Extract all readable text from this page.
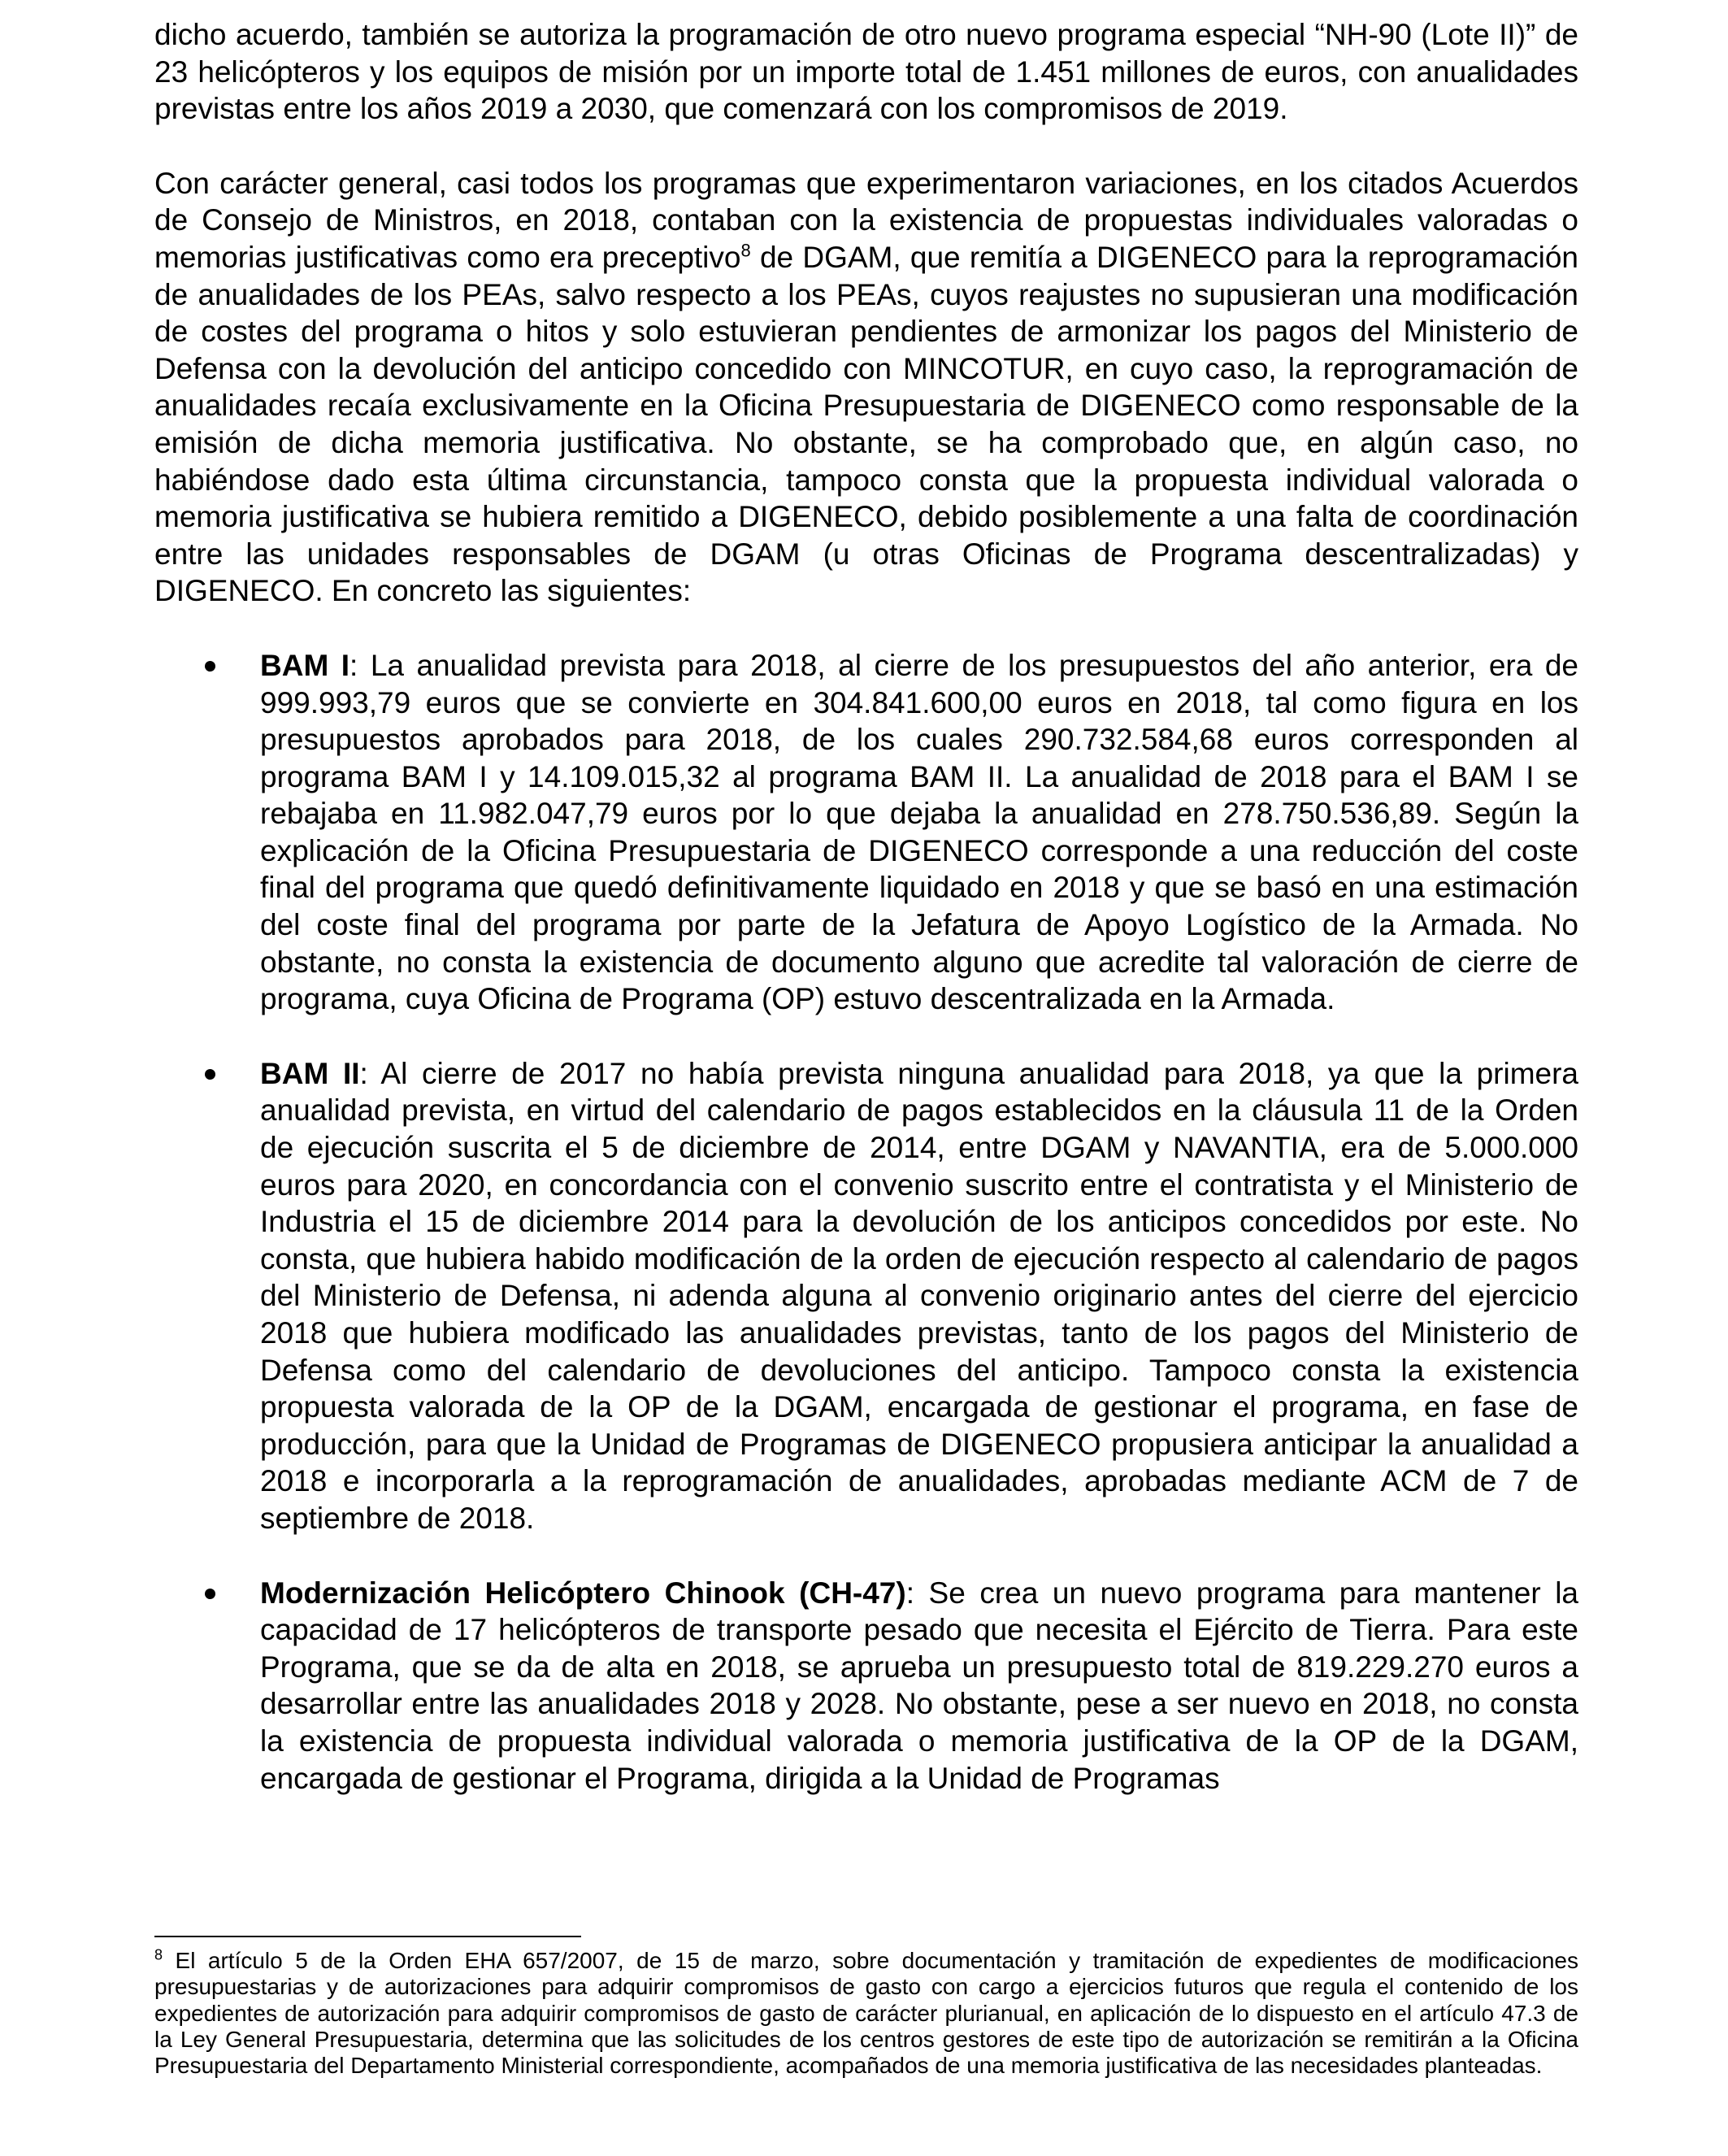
dicho acuerdo, también se autoriza la programación de otro nuevo programa especial “NH-90 (Lote II)” de 23 helicópteros y los equipos de misión por un importe total de 1.451 millones de euros, con anualidades previstas entre los años 2019 a 2030, que comenzará con los compromisos de 2019.

Con carácter general, casi todos los programas que experimentaron variaciones, en los citados Acuerdos de Consejo de Ministros, en 2018, contaban con la existencia de propuestas individuales valoradas o memorias justificativas como era preceptivo$^8$ de DGAM, que remitía a DIGENECO para la reprogramación de anualidades de los PEAs, salvo respecto a los PEAs, cuyos reajustes no supusieran una modificación de costes del programa o hitos y solo estuvieran pendientes de armonizar los pagos del Ministerio de Defensa con la devolución del anticipo concedido con MINCOTUR, en cuyo caso, la reprogramación de anualidades recaía exclusivamente en la Oficina Presupuestaria de DIGENECO como responsable de la emisión de dicha memoria justificativa. No obstante, se ha comprobado que, en algún caso, no habiéndose dado esta última circunstancia, tampoco consta que la propuesta individual valorada o memoria justificativa se hubiera remitido a DIGENECO, debido posiblemente a una falta de coordinación entre las unidades responsables de DGAM (u otras Oficinas de Programa descentralizadas) y DIGENECO. En concreto las siguientes:

BAM I: La anualidad prevista para 2018, al cierre de los presupuestos del año anterior, era de 999.993,79 euros que se convierte en 304.841.600,00 euros en 2018, tal como figura en los presupuestos aprobados para 2018, de los cuales 290.732.584,68 euros corresponden al programa BAM I y 14.109.015,32 al programa BAM II. La anualidad de 2018 para el BAM I se rebajaba en 11.982.047,79 euros por lo que dejaba la anualidad en 278.750.536,89. Según la explicación de la Oficina Presupuestaria de DIGENECO corresponde a una reducción del coste final del programa que quedó definitivamente liquidado en 2018 y que se basó en una estimación del coste final del programa por parte de la Jefatura de Apoyo Logístico de la Armada. No obstante, no consta la existencia de documento alguno que acredite tal valoración de cierre de programa, cuya Oficina de Programa (OP) estuvo descentralizada en la Armada.
BAM II: Al cierre de 2017 no había prevista ninguna anualidad para 2018, ya que la primera anualidad prevista, en virtud del calendario de pagos establecidos en la cláusula 11 de la Orden de ejecución suscrita el 5 de diciembre de 2014, entre DGAM y NAVANTIA, era de 5.000.000 euros para 2020, en concordancia con el convenio suscrito entre el contratista y el Ministerio de Industria el 15 de diciembre 2014 para la devolución de los anticipos concedidos por este. No consta, que hubiera habido modificación de la orden de ejecución respecto al calendario de pagos del Ministerio de Defensa, ni adenda alguna al convenio originario antes del cierre del ejercicio 2018 que hubiera modificado las anualidades previstas, tanto de los pagos del Ministerio de Defensa como del calendario de devoluciones del anticipo. Tampoco consta la existencia propuesta valorada de la OP de la DGAM, encargada de gestionar el programa, en fase de producción, para que la Unidad de Programas de DIGENECO propusiera anticipar la anualidad a 2018 e incorporarla a la reprogramación de anualidades, aprobadas mediante ACM de 7 de septiembre de 2018.
Modernización Helicóptero Chinook (CH-47): Se crea un nuevo programa para mantener la capacidad de 17 helicópteros de transporte pesado que necesita el Ejército de Tierra. Para este Programa, que se da de alta en 2018, se aprueba un presupuesto total de 819.229.270 euros a desarrollar entre las anualidades 2018 y 2028. No obstante, pese a ser nuevo en 2018, no consta la existencia de propuesta individual valorada o memoria justificativa de la OP de la DGAM, encargada de gestionar el Programa, dirigida a la Unidad de Programas

$^8$ El artículo 5 de la Orden EHA 657/2007, de 15 de marzo, sobre documentación y tramitación de expedientes de modificaciones presupuestarias y de autorizaciones para adquirir compromisos de gasto con cargo a ejercicios futuros que regula el contenido de los expedientes de autorización para adquirir compromisos de gasto de carácter plurianual, en aplicación de lo dispuesto en el artículo 47.3 de la Ley General Presupuestaria, determina que las solicitudes de los centros gestores de este tipo de autorización se remitirán a la Oficina Presupuestaria del Departamento Ministerial correspondiente, acompañados de una memoria justificativa de las necesidades planteadas.
